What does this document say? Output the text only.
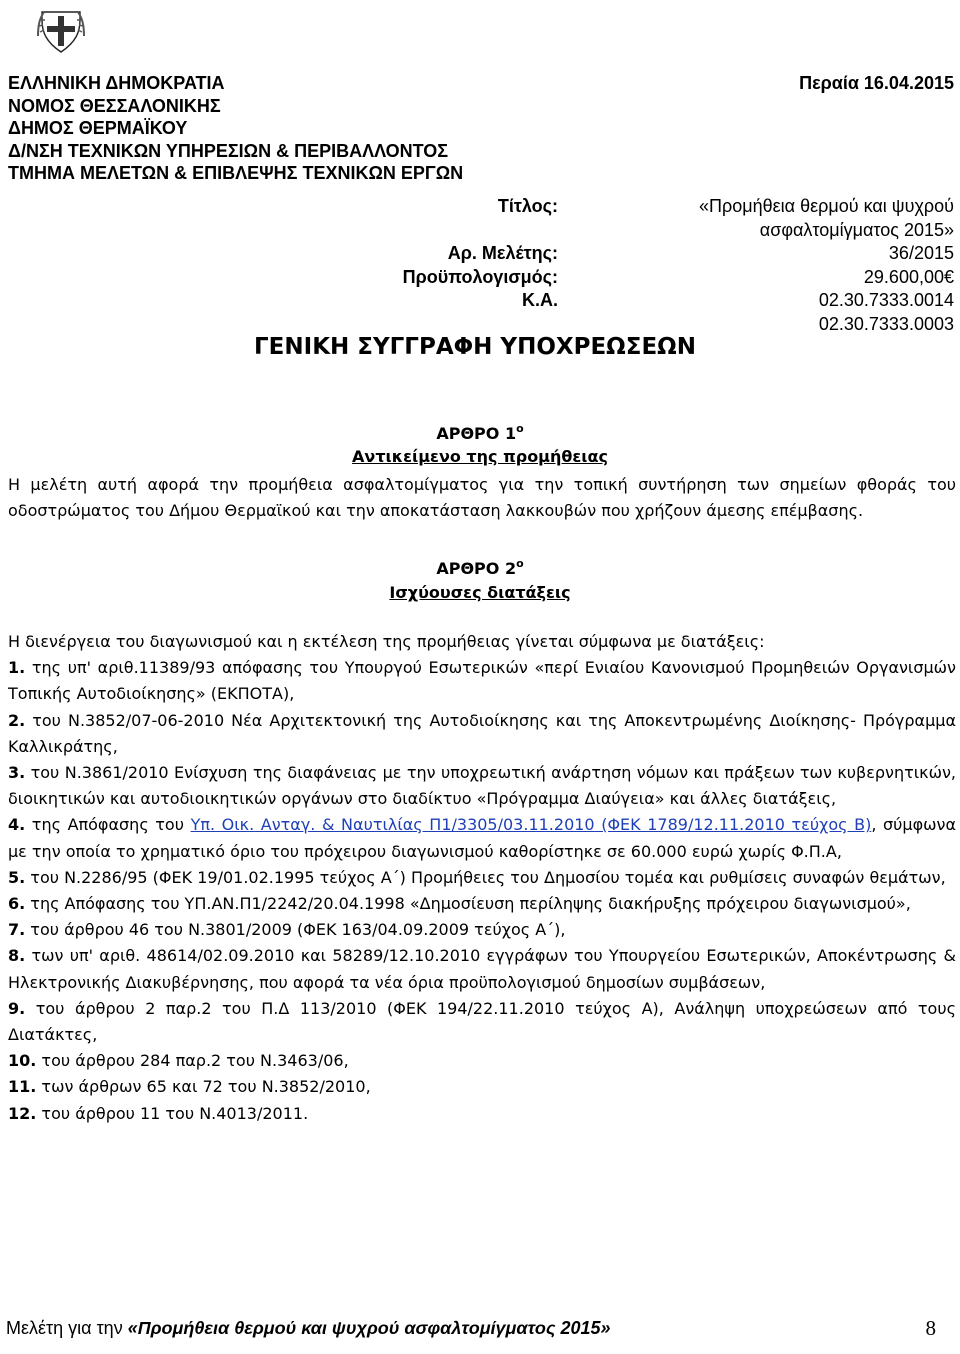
ΕΛΛΗΝΙΚΗ ΔΗΜΟΚΡΑΤΙΑ
ΝΟΜΟΣ ΘΕΣΣΑΛΟΝΙΚΗΣ
ΔΗΜΟΣ ΘΕΡΜΑΪΚΟΥ
Δ/ΝΣΗ ΤΕΧΝΙΚΩΝ ΥΠΗΡΕΣΙΩΝ & ΠΕΡΙΒΑΛΛΟΝΤΟΣ
ΤΜΗΜΑ ΜΕΛΕΤΩΝ & ΕΠΙΒΛΕΨΗΣ ΤΕΧΝΙΚΩΝ ΕΡΓΩΝ
Περαία 16.04.2015
Τίτλος:	«Προμήθεια θερμού και ψυχρού
ασφαλτομίγματος 2015»
Αρ. Μελέτης:	36/2015
Προϋπολογισμός:	29.600,00€
Κ.Α.	02.30.7333.0014
02.30.7333.0003
ΓΕΝΙΚΗ ΣΥΓΓΡΑΦΗ ΥΠΟΧΡΕΩΣΕΩΝ
ΑΡΘΡΟ $1^o$
Αντικείμενο της προμήθειας
Η μελέτη αυτή αφορά την προμήθεια ασφαλτομίγματος για την τοπική συντήρηση των σημείων φθοράς του οδοστρώματος του Δήμου Θερμαϊκού και την αποκατάσταση λακκουβών που χρήζουν άμεσης επέμβασης.
ΑΡΘΡΟ $2^o$
Ισχύουσες διατάξεις
Η διενέργεια του διαγωνισμού και η εκτέλεση της προμήθειας γίνεται σύμφωνα με διατάξεις:
1. της υπ' αριθ.11389/93 απόφασης του Υπουργού Εσωτερικών «περί Ενιαίου Κανονισμού Προμηθειών Οργανισμών Τοπικής Αυτοδιοίκησης» (ΕΚΠΟΤΑ),
2. του Ν.3852/07-06-2010 Νέα Αρχιτεκτονική της Αυτοδιοίκησης και της Αποκεντρωμένης Διοίκησης- Πρόγραμμα Καλλικράτης,
3. του Ν.3861/2010 Ενίσχυση της διαφάνειας με την υποχρεωτική ανάρτηση νόμων και πράξεων των κυβερνητικών, διοικητικών και αυτοδιοικητικών οργάνων στο διαδίκτυο «Πρόγραμμα Διαύγεια» και άλλες διατάξεις,
4. της Απόφασης του Υπ. Οικ. Ανταγ. & Ναυτιλίας Π1/3305/03.11.2010 (ΦΕΚ 1789/12.11.2010 τεύχος Β), σύμφωνα με την οποία το χρηματικό όριο του πρόχειρου διαγωνισμού καθορίστηκε σε 60.000 ευρώ χωρίς Φ.Π.Α,
5. του Ν.2286/95 (ΦΕΚ 19/01.02.1995 τεύχος Α΄) Προμήθειες του Δημοσίου τομέα και ρυθμίσεις συναφών θεμάτων,
6. της Απόφασης του ΥΠ.ΑΝ.Π1/2242/20.04.1998 «Δημοσίευση περίληψης διακήρυξης πρόχειρου διαγωνισμού»,
7. του άρθρου 46 του Ν.3801/2009 (ΦΕΚ 163/04.09.2009 τεύχος Α΄),
8. των υπ' αριθ. 48614/02.09.2010 και 58289/12.10.2010 εγγράφων του Υπουργείου Εσωτερικών, Αποκέντρωσης & Ηλεκτρονικής Διακυβέρνησης, που αφορά τα νέα όρια προϋπολογισμού δημοσίων συμβάσεων,
9. του άρθρου 2 παρ.2 του Π.Δ 113/2010 (ΦΕΚ 194/22.11.2010 τεύχος Α), Ανάληψη υποχρεώσεων από τους Διατάκτες,
10. του άρθρου 284 παρ.2 του Ν.3463/06,
11. των άρθρων 65 και 72 του Ν.3852/2010,
12. του άρθρου 11 του Ν.4013/2011.
Μελέτη για την «Προμήθεια θερμού και ψυχρού ασφαλτομίγματος 2015»	8
